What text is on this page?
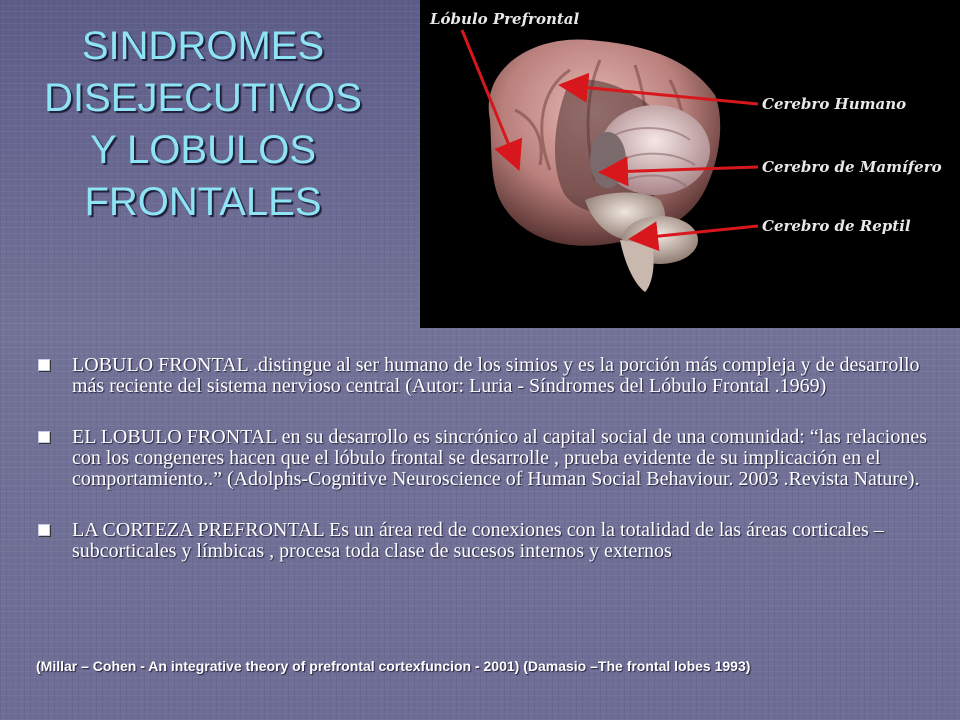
SINDROMES
DISEJECUTIVOS
Y LOBULOS
FRONTALES
Lóbulo Prefrontal
Cerebro Humano
Cerebro de Mamífero
Cerebro de Reptil
LOBULO FRONTAL .distingue al ser humano de los simios y es la porción más compleja y de desarrollo más reciente del sistema nervioso central (Autor: Luria - Síndromes del Lóbulo Frontal .1969)
EL LOBULO FRONTAL en su desarrollo es sincrónico al capital social de una comunidad: “las relaciones con los congeneres hacen que el lóbulo frontal se desarrolle , prueba evidente de su implicación en el comportamiento..” (Adolphs-Cognitive Neuroscience of Human Social Behaviour. 2003 .Revista Nature).
LA CORTEZA PREFRONTAL Es un área red de conexiones con la totalidad de las áreas corticales –subcorticales y límbicas , procesa toda clase de sucesos internos y externos
(Millar – Cohen - An integrative theory of prefrontal cortexfuncion - 2001) (Damasio –The frontal lobes 1993)
